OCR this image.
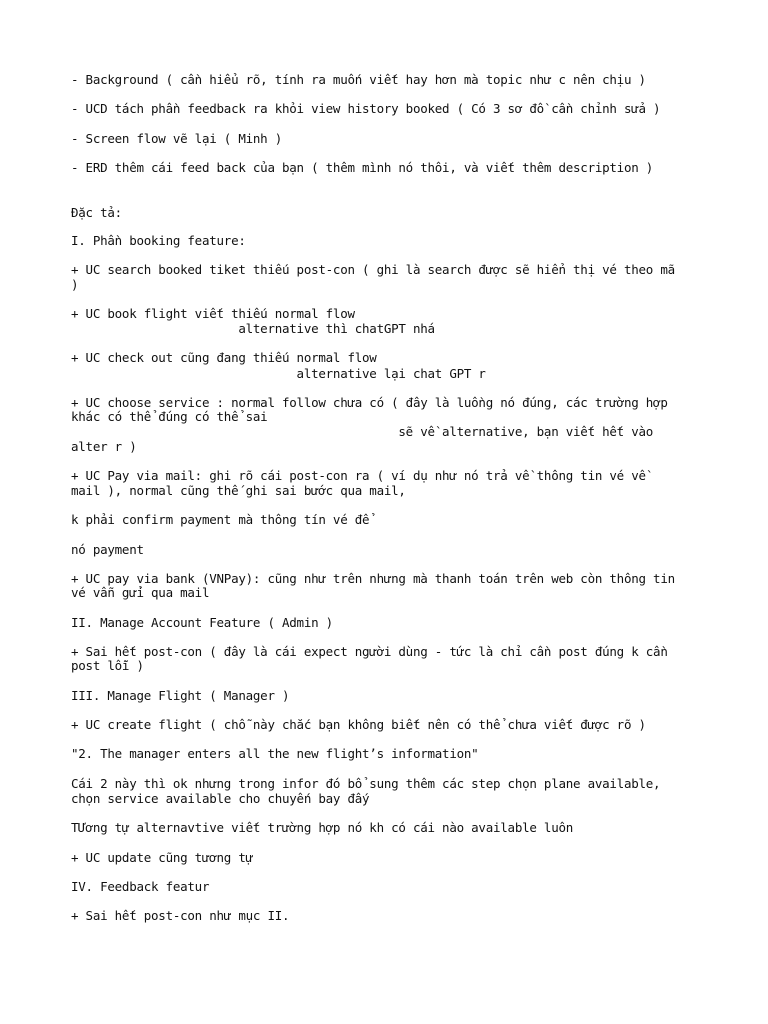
- Background ( cần hiểu rõ, tính ra muốn viết hay hơn mà topic như c nên chịu )

- UCD tách phần feedback ra khỏi view history booked ( Có 3 sơ đồ cần chỉnh sửa )

- Screen flow vẽ lại ( Minh )

- ERD thêm cái feed back của bạn ( thêm mình nó thôi, và viết thêm description )

Đặc tả:

I. Phần booking feature:

+ UC search booked tiket thiếu post-con ( ghi là search được sẽ hiển thị vé theo mã

)

+ UC book flight viết thiếu normal flow

alternative thì chatGPT nhá

+ UC check out cũng đang thiếu normal flow

alternative lại chat GPT r

+ UC choose service : normal follow chưa có ( đây là luồng nó đúng, các trường hợp

khác có thể đúng có thể sai

sẽ về alternative, bạn viết hết vào

alter r )

+ UC Pay via mail: ghi rõ cái post-con ra ( ví dụ như nó trả về thông tin vé về

mail ), normal cũng thế ghi sai bước qua mail,

k phải confirm payment mà thông tín vé để

nó payment

+ UC pay via bank (VNPay): cũng như trên nhưng mà thanh toán trên web còn thông tin

vé vẫn gửi qua mail

II. Manage Account Feature ( Admin )

+ Sai hết post-con ( đây là cái expect người dùng - tức là chỉ cần post đúng k cần

post lỗi )

III. Manage Flight ( Manager )

+ UC create flight ( chỗ này chắc bạn không biết nên có thể chưa viết được rõ )

"2. The manager enters all the new flight’s information"

Cái 2 này thì ok nhưng trong infor đó bổ sung thêm các step chọn plane available,

chọn service available cho chuyến bay đấy

TƯơng tự alternavtive viết trường hợp nó kh có cái nào available luôn

+ UC update cũng tương tự

IV. Feedback featur

+ Sai hết post-con như mục II.
